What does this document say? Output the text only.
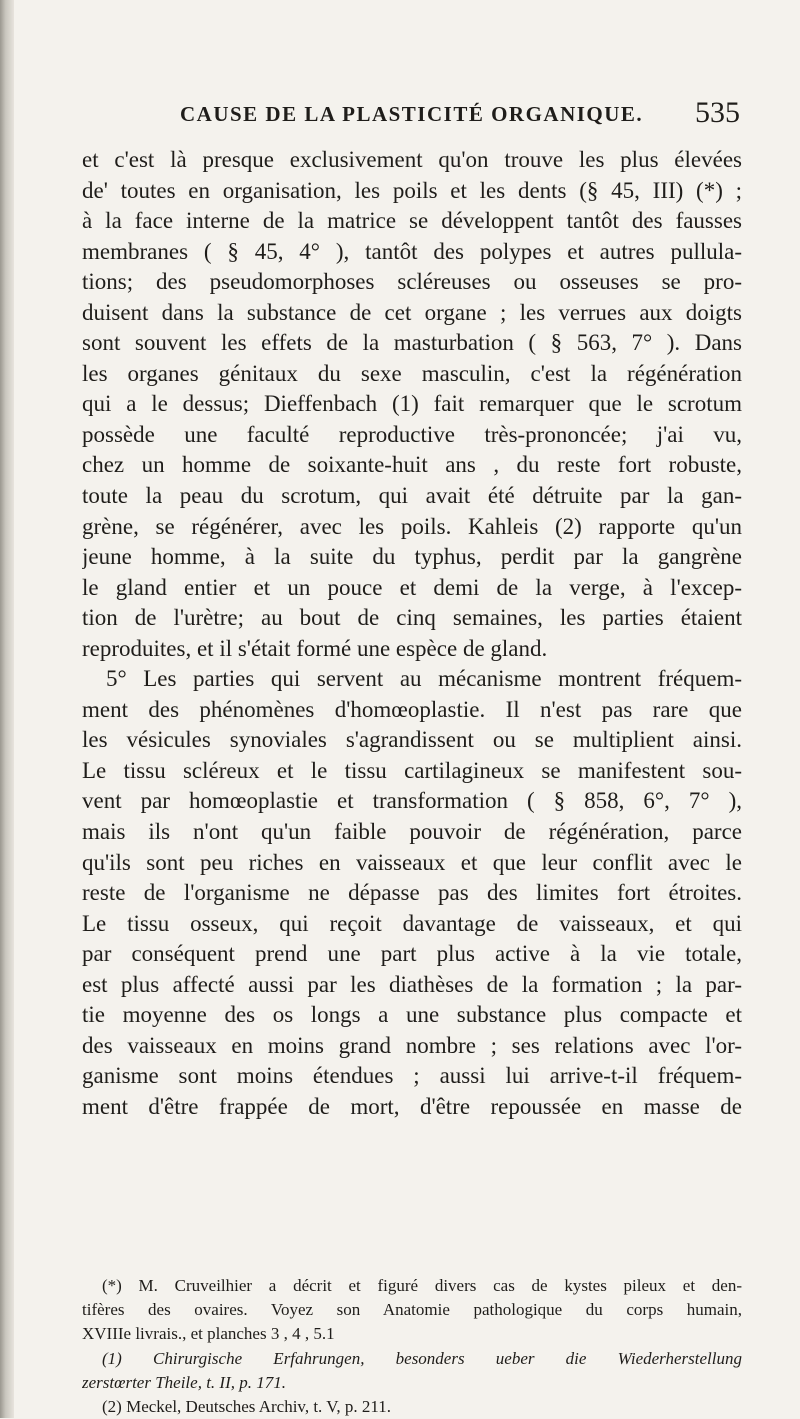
CAUSE DE LA PLASTICITÉ ORGANIQUE. 535
et c'est là presque exclusivement qu'on trouve les plus élevées
de' toutes en organisation, les poils et les dents (§ 45, III) (*) ;
à la face interne de la matrice se développent tantôt des fausses
membranes ( § 45, 4° ), tantôt des polypes et autres pullula-
tions; des pseudomorphoses scléreuses ou osseuses se pro-
duisent dans la substance de cet organe ; les verrues aux doigts
sont souvent les effets de la masturbation ( § 563, 7° ). Dans
les organes génitaux du sexe masculin, c'est la régénération
qui a le dessus; Dieffenbach (1) fait remarquer que le scrotum
possède une faculté reproductive très-prononcée; j'ai vu,
chez un homme de soixante-huit ans , du reste fort robuste,
toute la peau du scrotum, qui avait été détruite par la gan-
grène, se régénérer, avec les poils. Kahleis (2) rapporte qu'un
jeune homme, à la suite du typhus, perdit par la gangrène
le gland entier et un pouce et demi de la verge, à l'excep-
tion de l'urètre; au bout de cinq semaines, les parties étaient
reproduites, et il s'était formé une espèce de gland.
5° Les parties qui servent au mécanisme montrent fréquem-
ment des phénomènes d'homœoplastie. Il n'est pas rare que
les vésicules synoviales s'agrandissent ou se multiplient ainsi.
Le tissu scléreux et le tissu cartilagineux se manifestent sou-
vent par homœoplastie et transformation ( § 858, 6°, 7° ),
mais ils n'ont qu'un faible pouvoir de régénération, parce
qu'ils sont peu riches en vaisseaux et que leur conflit avec le
reste de l'organisme ne dépasse pas des limites fort étroites.
Le tissu osseux, qui reçoit davantage de vaisseaux, et qui
par conséquent prend une part plus active à la vie totale,
est plus affecté aussi par les diathèses de la formation ; la par-
tie moyenne des os longs a une substance plus compacte et
des vaisseaux en moins grand nombre ; ses relations avec l'or-
ganisme sont moins étendues ; aussi lui arrive-t-il fréquem-
ment d'être frappée de mort, d'être repoussée en masse de
(*) M. Cruveilhier a décrit et figuré divers cas de kystes pileux et den-
tifères des ovaires. Voyez son Anatomie pathologique du corps humain,
XVIIIe livrais., et planches 3 , 4 , 5.1
(1) Chirurgische Erfahrungen, besonders ueber die Wiederherstellung
zerstœrter Theile, t. II, p. 171.
(2) Meckel, Deutsches Archiv, t. V, p. 211.
